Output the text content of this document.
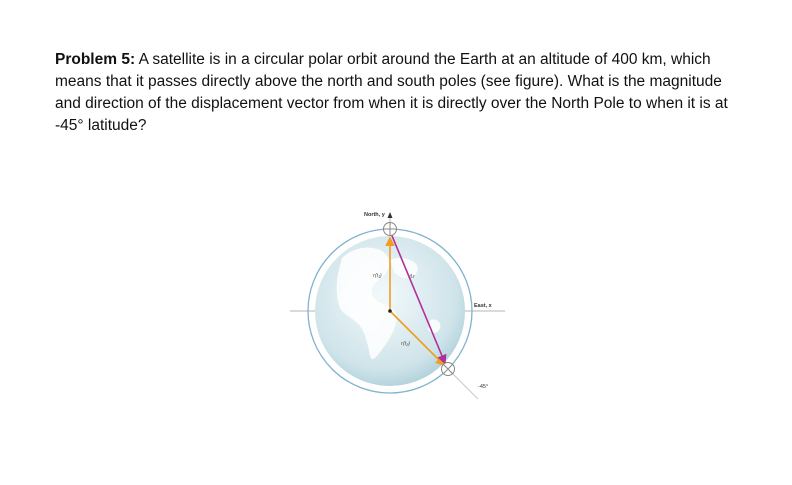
Problem 5: A satellite is in a circular polar orbit around the Earth at an altitude of 400 km, which means that it passes directly above the north and south poles (see figure). What is the magnitude and direction of the displacement vector from when it is directly over the North Pole to when it is at -45° latitude?
North, y
East, x
-45°
r(t₁)
r(t₂)
Δr
